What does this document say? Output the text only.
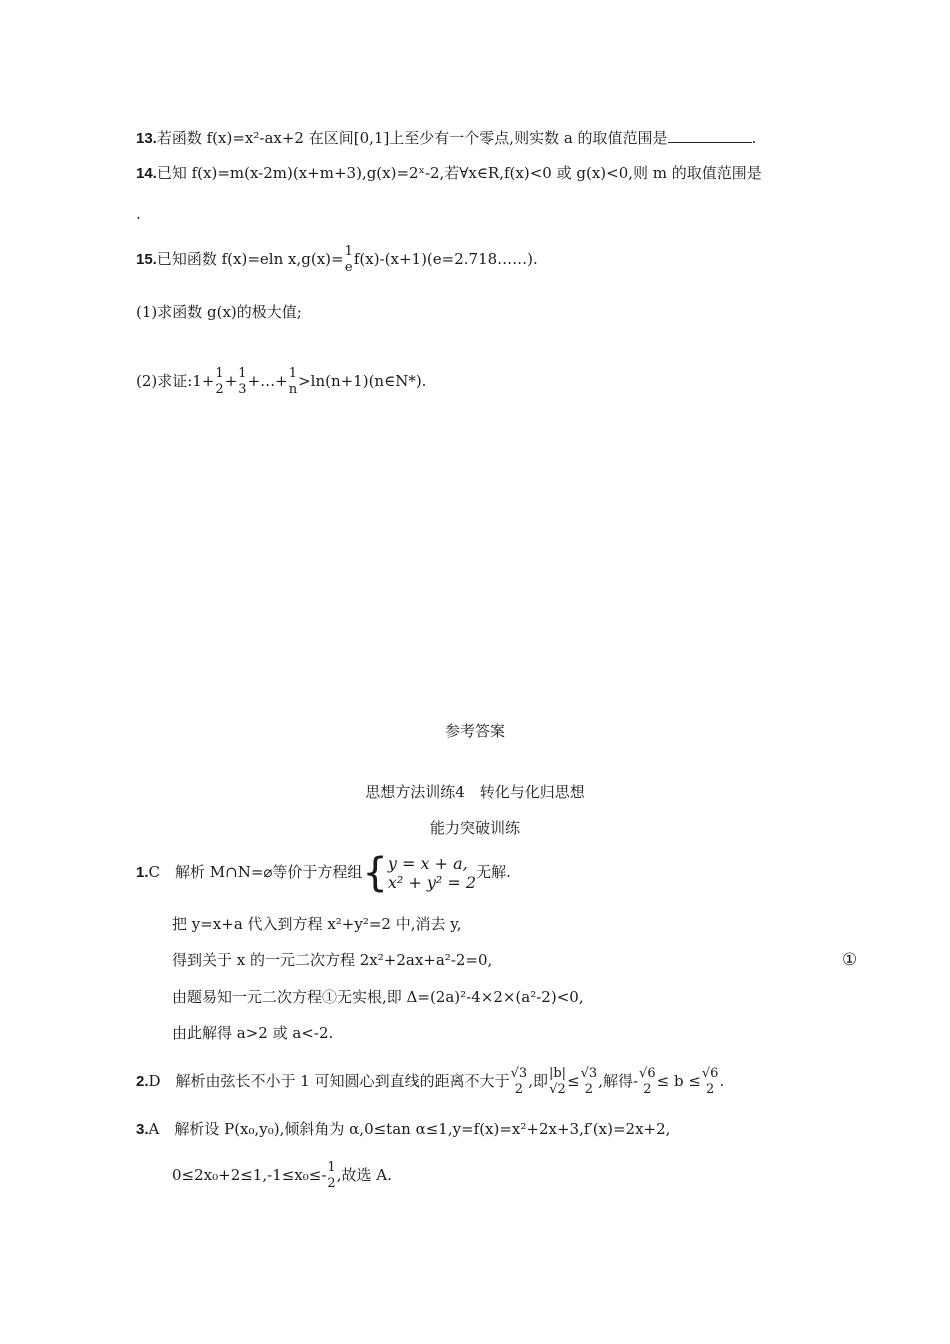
13.若函数 f(x)=x²-ax+2 在区间[0,1]上至少有一个零点,则实数 a 的取值范围是	.
14.已知 f(x)=m(x-2m)(x+m+3),g(x)=2ˣ-2,若∀x∈R,f(x)<0 或 g(x)<0,则 m 的取值范围是
.
15.已知函数 f(x)=eln x,g(x)= 1
e f(x)-(x+1)(e=2.718……).
(1)求函数 g(x)的极大值;
(2)求证:1+ 1
2 + 1
3 +…+ 1
n >ln(n+1)(n∈N*).
参考答案
思想方法训练4　转化与化归思想
能力突破训练
1.C　解析 M∩N=⌀等价于方程组 { y = x + a,
x² + y² = 2
无解.
把 y=x+a 代入到方程 x²+y²=2 中,消去 y,
得到关于 x 的一元二次方程 2x²+2ax+a²-2=0,	①
由题易知一元二次方程①无实根,即 Δ=(2a)²-4×2×(a²-2)<0,
由此解得 a>2 或 a<-2.
2.D　解析由弦长不小于 1 可知圆心到直线的距离不大于 √3
2 ,即 |b|
√2 ≤ √3
2 ,解得- √6
2 ≤ b ≤ √6
2 .
3.A　解析设 P(x₀,y₀),倾斜角为 α,0≤tan α≤1,y=f(x)=x²+2x+3,f′(x)=2x+2,
0≤2x₀+2≤1,-1≤x₀≤- 1
2 ,故选 A.
